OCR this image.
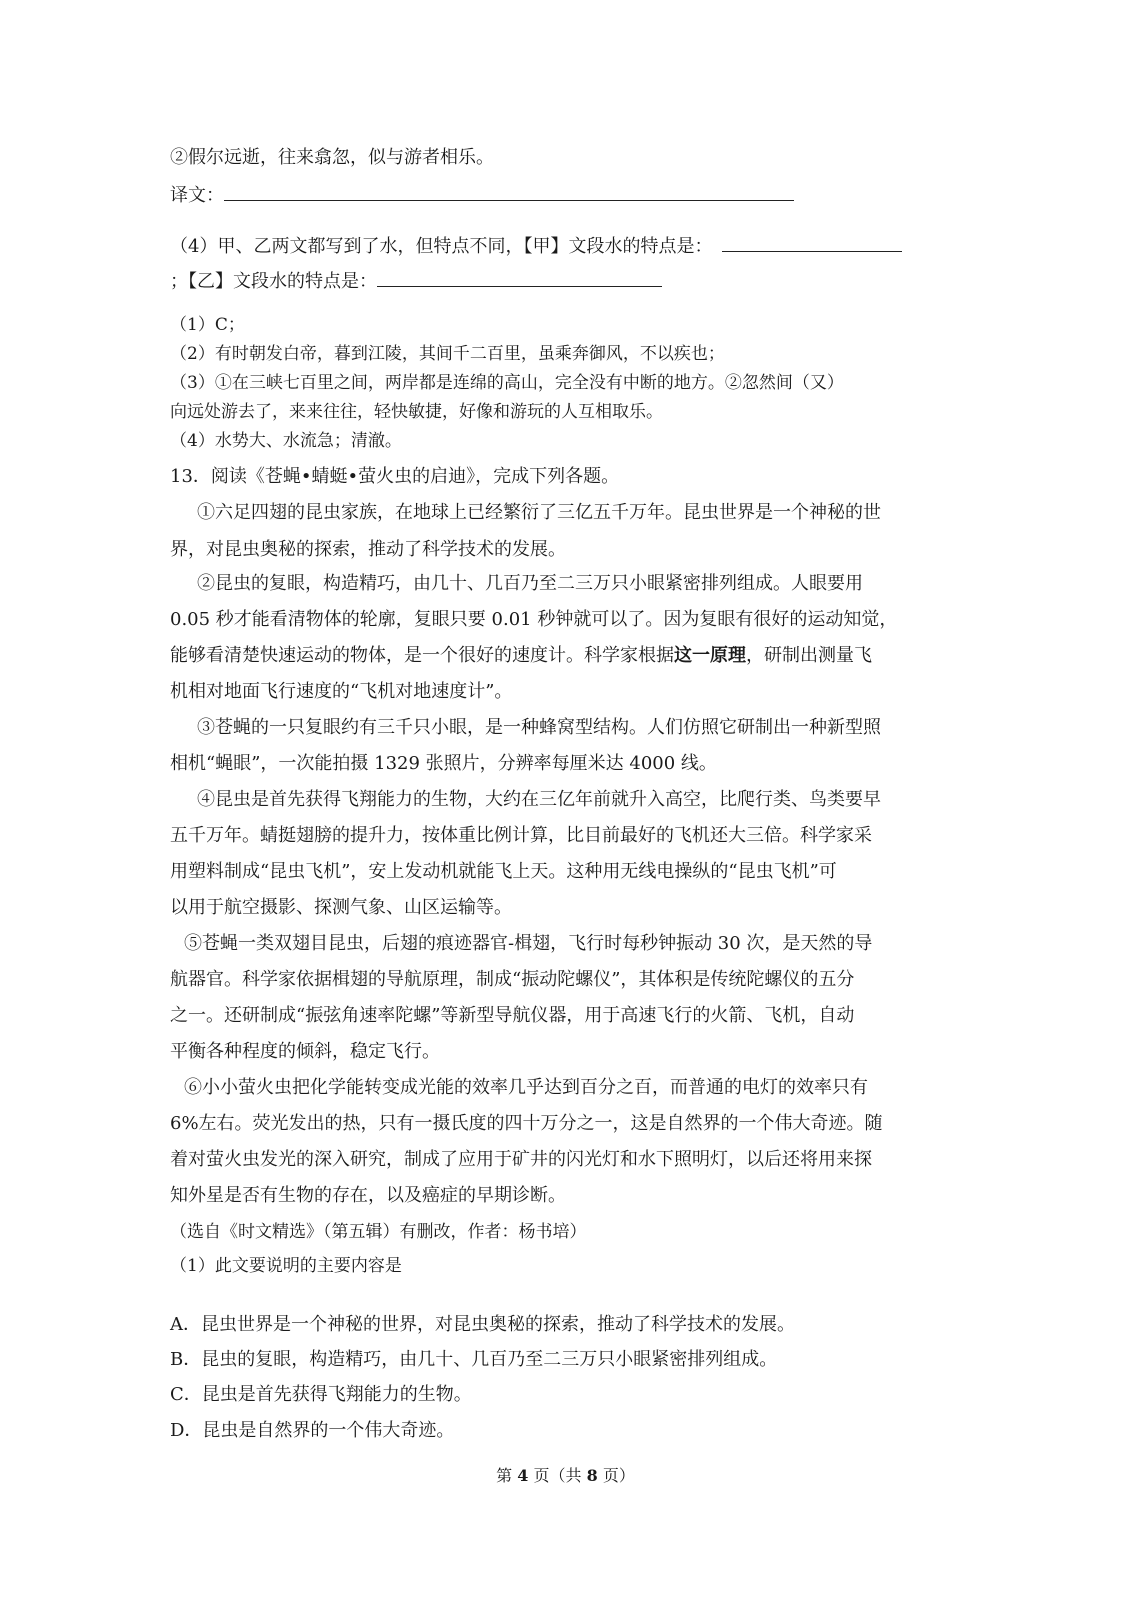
②假尔远逝，往来翕忽，似与游者相乐。
译文：
（4）甲、乙两文都写到了水，但特点不同，【甲】文段水的特点是：
；【乙】文段水的特点是：
（1）C；
（2）有时朝发白帝，暮到江陵，其间千二百里，虽乘奔御风，不以疾也；
（3）①在三峡七百里之间，两岸都是连绵的高山，完全没有中断的地方。②忽然间（又）
向远处游去了，来来往往，轻快敏捷，好像和游玩的人互相取乐。
（4）水势大、水流急；清澈。
13．阅读《苍蝇•蜻蜓•萤火虫的启迪》，完成下列各题。
①六足四翅的昆虫家族，在地球上已经繁衍了三亿五千万年。昆虫世界是一个神秘的世
界，对昆虫奥秘的探索，推动了科学技术的发展。
②昆虫的复眼，构造精巧，由几十、几百乃至二三万只小眼紧密排列组成。人眼要用
0.05 秒才能看清物体的轮廓，复眼只要 0.01 秒钟就可以了。因为复眼有很好的运动知觉，
能够看清楚快速运动的物体，是一个很好的速度计。科学家根据这一原理，研制出测量飞
机相对地面飞行速度的“飞机对地速度计”。
③苍蝇的一只复眼约有三千只小眼，是一种蜂窝型结构。人们仿照它研制出一种新型照
相机“蝇眼”，一次能拍摄 1329 张照片，分辨率每厘米达 4000 线。
④昆虫是首先获得飞翔能力的生物，大约在三亿年前就升入高空，比爬行类、鸟类要早
五千万年。蜻挺翅膀的提升力，按体重比例计算，比目前最好的飞机还大三倍。科学家采
用塑料制成“昆虫飞机”，安上发动机就能飞上天。这种用无线电操纵的“昆虫飞机”可
以用于航空摄影、探测气象、山区运输等。
⑤苍蝇一类双翅目昆虫，后翅的痕迹器官-楫翅，飞行时每秒钟振动 30 次，是天然的导
航器官。科学家依据楫翅的导航原理，制成“振动陀螺仪”，其体积是传统陀螺仪的五分
之一。还研制成“振弦角速率陀螺”等新型导航仪器，用于高速飞行的火箭、飞机，自动
平衡各种程度的倾斜，稳定飞行。
⑥小小萤火虫把化学能转变成光能的效率几乎达到百分之百，而普通的电灯的效率只有
6%左右。荧光发出的热，只有一摄氏度的四十万分之一，这是自然界的一个伟大奇迹。随
着对萤火虫发光的深入研究，制成了应用于矿井的闪光灯和水下照明灯，以后还将用来探
知外星是否有生物的存在，以及癌症的早期诊断。
（选自《时文精选》（第五辑）有删改，作者：杨书培）
（1）此文要说明的主要内容是
A．昆虫世界是一个神秘的世界，对昆虫奥秘的探索，推动了科学技术的发展。
B．昆虫的复眼，构造精巧，由几十、几百乃至二三万只小眼紧密排列组成。
C．昆虫是首先获得飞翔能力的生物。
D．昆虫是自然界的一个伟大奇迹。
第 4 页（共 8 页）
